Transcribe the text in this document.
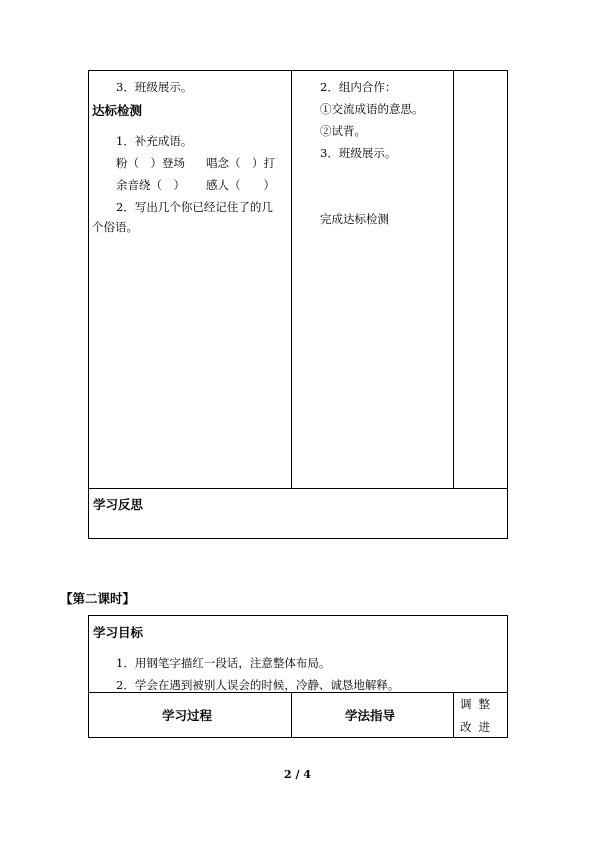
3．班级展示。
达标检测
1．补充成语。
粉（　）登场 唱念（　）打
余音绕（　） 感人（　　）
2．写出几个你已经记住了的几
个俗语。
2．组内合作：
①交流成语的意思。
②试背。
3．班级展示。
完成达标检测
学习反思
【第二课时】
学习目标
1．用钢笔字描红一段话，注意整体布局。
2．学会在遇到被别人误会的时候，冷静、诚恳地解释。
学习过程	学法指导
调整
改进
2 / 4
